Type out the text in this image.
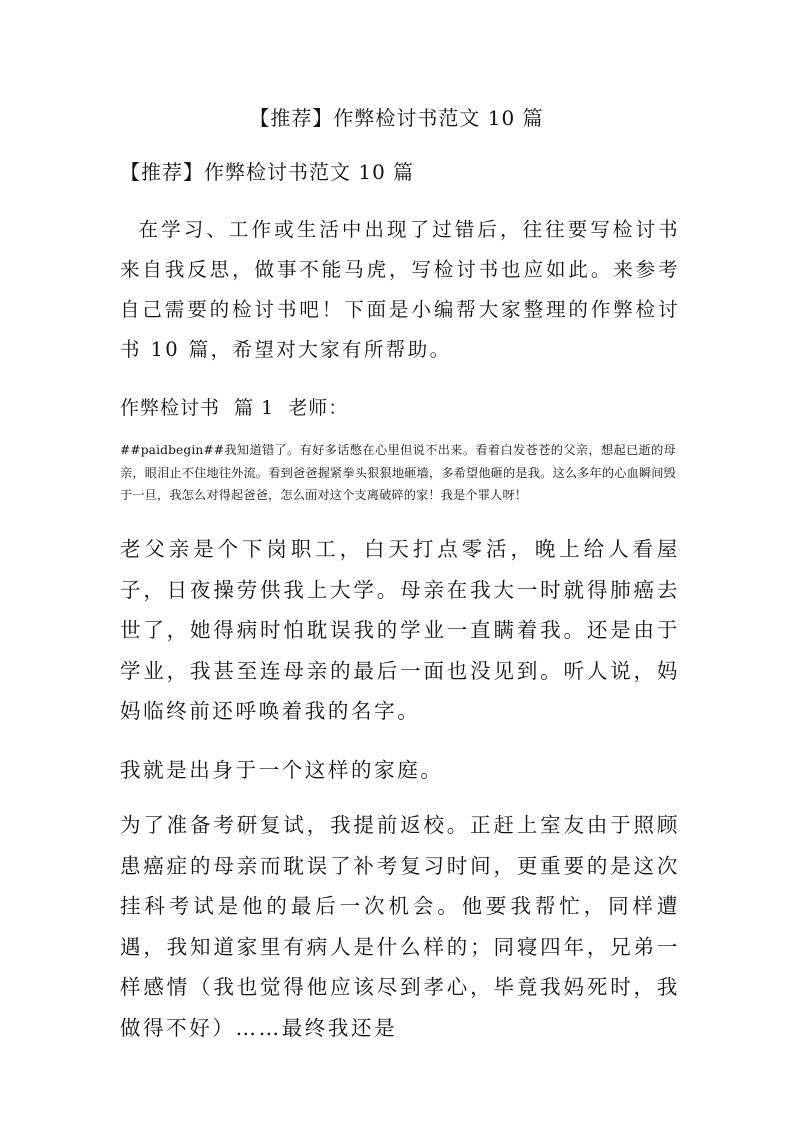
【推荐】作弊检讨书范文 10 篇
【推荐】作弊检讨书范文 10 篇
在学习、工作或生活中出现了过错后，往往要写检讨书来自我反思，做事不能马虎，写检讨书也应如此。来参考自己需要的检讨书吧！下面是小编帮大家整理的作弊检讨书 10 篇，希望对大家有所帮助。
作弊检讨书  篇 1  老师：
##paidbegin##我知道错了。有好多话憋在心里但说不出来。看着白发苍苍的父亲，想起已逝的母亲，眼泪止不住地往外流。看到爸爸握紧拳头狠狠地砸墙，多希望他砸的是我。这么多年的心血瞬间毁于一旦，我怎么对得起爸爸，怎么面对这个支离破碎的家！我是个罪人呀！
老父亲是个下岗职工，白天打点零活，晚上给人看屋子，日夜操劳供我上大学。母亲在我大一时就得肺癌去世了，她得病时怕耽误我的学业一直瞒着我。还是由于学业，我甚至连母亲的最后一面也没见到。听人说，妈妈临终前还呼唤着我的名字。
我就是出身于一个这样的家庭。
为了准备考研复试，我提前返校。正赶上室友由于照顾患癌症的母亲而耽误了补考复习时间，更重要的是这次挂科考试是他的最后一次机会。他要我帮忙，同样遭遇，我知道家里有病人是什么样的；同寝四年，兄弟一样感情（我也觉得他应该尽到孝心，毕竟我妈死时，我做得不好）……最终我还是
